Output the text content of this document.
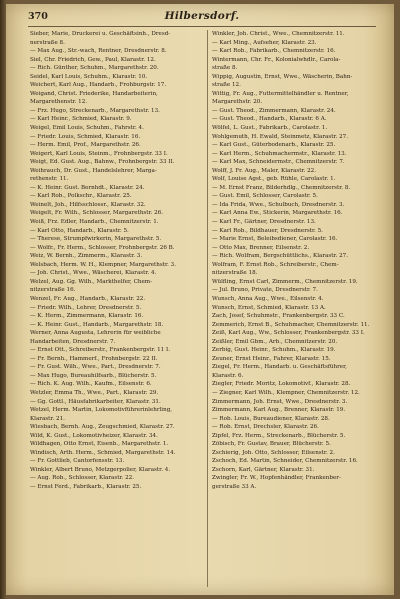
370	Hilbersdorf.
Sieber, Marie, Druckerei u. Geschäftsinh., Dresd-
nerstraße 8.
— Max Aug., Str.-wach, Rentner, Dresdnerstr. 8.
Siel, Chr. Friedrich, Gew., Paul, Klarastr. 12.
— Rich. Günther, Schuhm., Margarethstr. 20.
Seidel, Karl Louis, Schuhm., Klarastr. 10.
Weichert, Karl Aug., Handarb., Frohburgstr. 17.
Weigand, Christ. Friederike, Handarbeiterin,
Margarethenstr. 12.
— Frz. Hugo, Streckenarb., Margarethstr. 13.
— Karl Heinr., Schmied, Klarastr. 9.
Weigel, Emil Louis, Schuhm., Fahrstr. 4.
— Friedr. Louis, Schmied, Klarastr. 16.
— Herm. Emil, Prof., Margarethstr. 26.
Weigert, Karl Louis, Steinm., Frohnbergstr. 33 I.
Weigt, Ed. Gust. Aug., Bahnw., Frohnbergstr. 33 II.
Weihrauch, Dr. Gust., Handelslehrer, Marga-
rethenstr. 11.
— K. Heinr. Gust. Bernhdt., Klarastr. 24.
— Karl Rob., Polkschr., Klarastr. 25.
Weinelt, Joh., Hilfsschlossr., Klarastr. 32.
Weigelt, Fr. Wilh., Schlosser, Margarethstr. 26.
Weiß, Frz. Edler, Handarb., Chemnitzerstr. 1.
— Karl Otto, Handarb., Klarastr. 5.
— Therese, Strumpfwirkerin, Margarethstr. 5.
— Wolfr., Fr. Herm., Schlosser, Frohnbergstr. 26 B.
Weiz, W. Bernh., Zimmerm., Klarastr. 3.
Welsbach, Herm. W. H., Klempner, Margarethstr. 3.
— Joh. Christ., Wwe., Wäscherei, Klarastr. 4.
Welzel, Aug. Gg. Wilh., Markthelfer, Chem-
nitzerstraße 16.
Wenzel, Fr. Aug., Handarb., Klarastr. 22.
— Friedr. Wilh., Lehrer, Dresdnerstr. 5.
— K. Herm., Zimmermann, Klarastr. 16.
— K. Heinr. Gust., Handarb., Margarethstr. 18.
Werner, Anna Augusta, Lehrerin für weibliche
Handarbeiten, Dresdnerstr. 7.
— Ernst Ott., Schreiberstr., Frankenbergstr. 11 I.
— Fr. Bernh., Hammerf., Frohnbergstr. 22 II.
— Fr. Gust. Wilh., Wwe., Part., Dresdnerstr. 7.
— Max Hugo, Bureauhilfsarb., Blücherstr. 5.
— Rich. K. Aug. Wilh., Kaufm., Eilsenstr. 6.
Wetzler, Emma Th., Wwe., Part., Klarastr. 29.
— Gg. Gottl., Häusfabrikarbeiter, Klarastr. 31.
Wetzel, Herm. Martin, Lokomotivführerinlehrling,
Klarastr. 21.
Wiesbach, Bernh. Aug., Zeugschmied, Klarastr. 27.
Wild, K. Gust., Lokomotivheizer, Klarastr. 34.
Wildhagen, Otto Ernst, Eisenb., Margarethstr. 1.
Windisch, Arth. Herm., Schmied, Margarethstr. 14.
— Fr. Gottlieb, Cantorfensstr. 13.
Winkler, Albert Bruno, Metzgerpolier, Klarastr. 4.
— Aug. Rob., Schlosser, Klarastr. 22.
— Ernst Ferd., Fabrikarb., Klarastr. 25.
Winkler, Joh. Christ., Wwe., Chemnitzerstr. 11.
— Karl Ming., Aufseher, Klarastr. 23.
— Karl Rob., Fabrikarb., Chemnitzerstr. 16.
Wintermann, Chr. Fr., Kolonialwhdlr., Carola-
straße 8.
Wippig, Augustin, Ernst, Wwe., Wäscherin, Bahn-
straße 12.
Wittig, Fr. Aug., Futtermittelhändler u. Rentner,
Margarethstr. 20.
— Gust. Theod., Zimmermann, Klarastr. 24.
— Gust. Theod., Handarb., Klarastr. 6 A.
Wölfel, L. Gust., Fabrikarb., Carolastr. 1.
Wohlgemuth, H. Ewald, Steinmetz, Klarastr. 27.
— Karl Gust., Güterbodenarb., Klarastr. 25.
— Karl Herm., Schuhmachermstr., Klarastr. 13.
— Karl Max, Schneidermstr., Chemnitzerstr. 7.
Wolff, J. Fr. Aug., Maler, Klarastr. 22.
Wolf, Louise Agst., geb. Rühle, Carolastr. 1.
— M. Ernst Franz, Bilderhdlg., Chemnitzerstr. 8.
— Gust. Emil, Schlosser, Carolastr. 5.
— Ida Frida, Wwe., Schulbuch, Dresdnerstr. 3.
— Karl Anna Ew., Stickerin, Margarethstr. 16.
— Karl Fr., Gärtner, Dresdnerstr. 13.
— Karl Rob., Bildhauer, Dresdnerstr. 5.
— Marie Ernst, Beleibsdiener, Carolastr. 16.
— Otto Max, Brenner, Eilsenstr. 2.
— Rich. Wolfram, Bergschüttlichs., Klarastr. 27.
Wolfram, F. Ernst Rob., Schreiberstr., Chem-
nitzerstraße 18.
Wülfling, Ernst Carl, Zimmerm., Chemnitzerstr. 19.
— Jul. Bruno, Private, Dresdnerstr. 7.
Wunsch, Anna Aug., Wwe., Eilsenstr. 4.
Wunsch, Ernst, Schmied, Klarastr. 13 A.
Zach, Josef, Schuhmstr., Frankenbergstr. 33 C.
Zemmerich, Ernst B., Schuhmacher, Chemnitzerstr. 11.
Zeiß, Karl Aug., Ww., Schlosser, Frankenbergstr. 33 I.
Zeißler, Emil Gbm., Arb., Chemnitzerstr. 20.
Zerbig, Gust. Heinr., Schuhm., Klarastr. 19.
Zeuner, Ernst Heinr., Fahrer, Klarastr. 15.
Ziegel, Fr. Herm., Handarb. u. Geschäftsführer,
Klarastr. 6.
Ziegler, Friedr. Moritz, Lokomotivf., Klarastr. 28.
— Ziegner, Karl Wilh., Klempner, Chemnitzerstr. 12.
Zimmermann, Joh. Ernst, Wwe., Dresdnerstr. 3.
Zimmermann, Karl Aug., Brenner, Klarastr. 19.
— Rob. Louis, Bureaudiener, Klarastr. 28.
— Rob. Ernst, Drechsler, Klarastr. 26.
Zipfel, Frz. Herm., Streckenarb., Blücherstr. 5.
Zöbisch, Fr. Gustav, Brauer, Blücherstr. 5.
Zschierig, Joh. Otto, Schlosser, Eilsenstr. 2.
Zschoch, Ed. Martin, Schneider, Chemnitzerstr. 16.
Zschorn, Karl, Gärtner, Klarastr. 31.
Zwingler, Fr. W., Hopfenhändler, Frankenber-
gerstraße 33 A.
